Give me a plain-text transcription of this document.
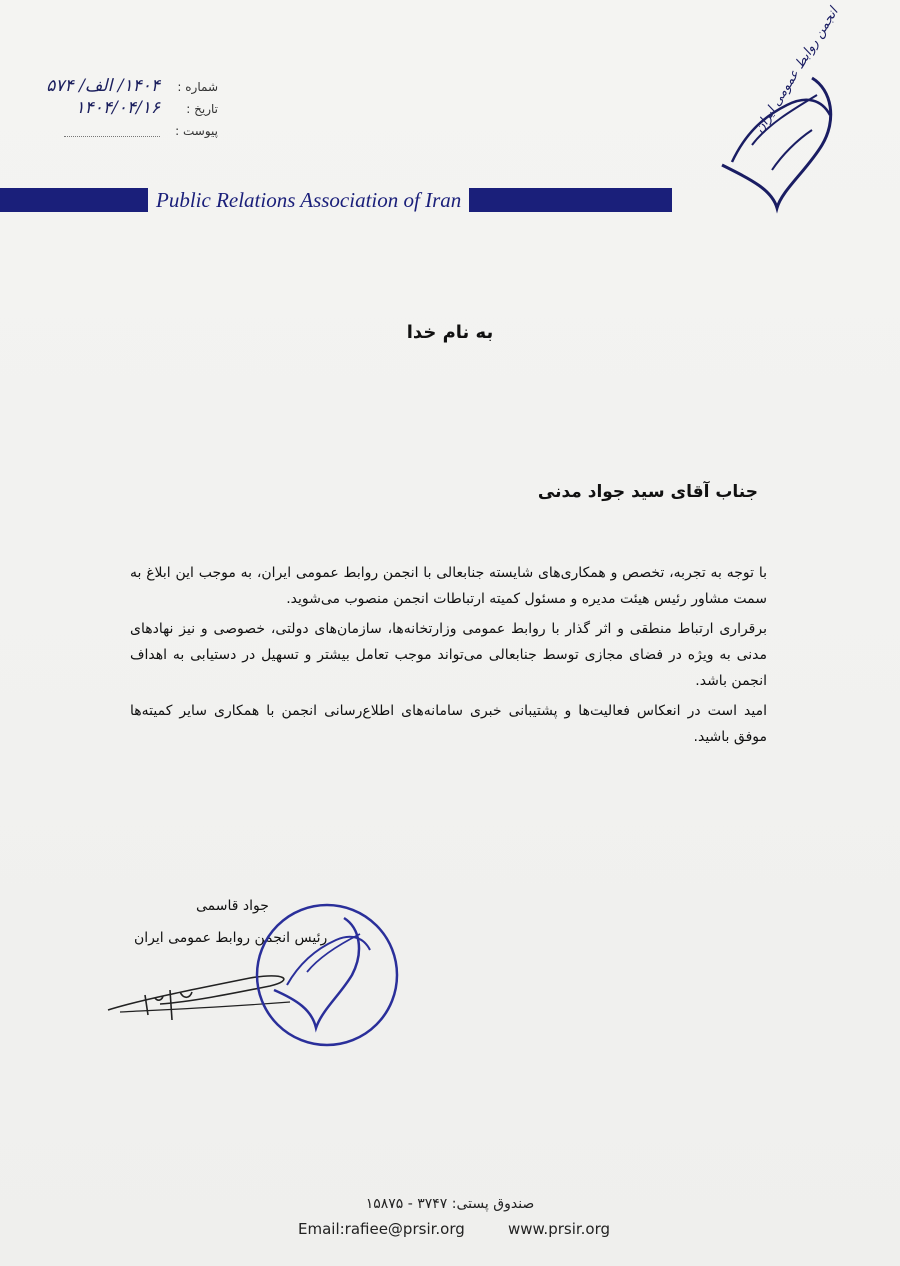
شماره :
۱۴۰۴/ الف/ ۵۷۴
تاریخ :
۱۴۰۴/۰۴/۱۶
پیوست :	انجمن روابط عمومی ایران
Public Relations Association of Iran
به نام خدا
جناب آقای سید جواد مدنی

با توجه به تجربه، تخصص و همکاری‌های شایسته جنابعالی با انجمن روابط عمومی ایران، به موجب این ابلاغ به سمت مشاور رئیس هیئت مدیره و مسئول کمیته ارتباطات انجمن منصوب می‌شوید.

برقراری ارتباط منطقی و اثر گذار با روابط عمومی وزارتخانه‌ها، سازمان‌های دولتی، خصوصی و نیز نهادهای مدنی به ویژه در فضای مجازی توسط جنابعالی می‌تواند موجب تعامل بیشتر و تسهیل در دستیابی به اهداف انجمن باشد.

امید است در انعکاس فعالیت‌ها و پشتیبانی خبری سامانه‌های اطلاع‌رسانی انجمن با همکاری سایر کمیته‌ها موفق باشید.

جواد قاسمی
رئیس انجمن روابط عمومی ایران
صندوق پستی: ۳۷۴۷ - ۱۵۸۷۵
Email:rafiee@prsir.org	www.prsir.org
